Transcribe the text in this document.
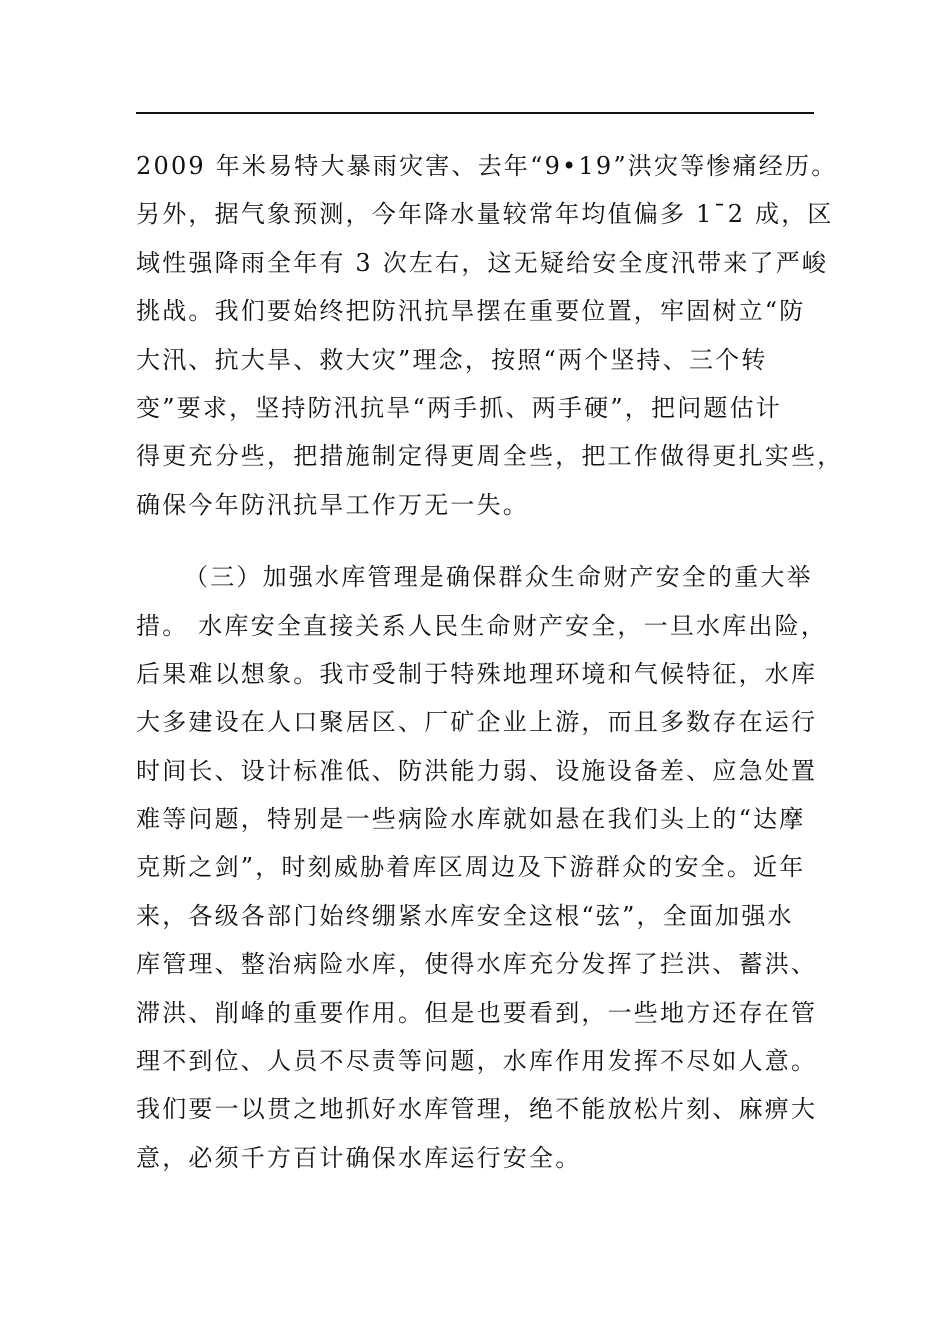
2009 年米易特大暴雨灾害、去年“9•19”洪灾等惨痛经历。
另外，据气象预测，今年降水量较常年均值偏多 1¯2 成，区
域性强降雨全年有 3 次左右，这无疑给安全度汛带来了严峻
挑战。我们要始终把防汛抗旱摆在重要位置，牢固树立“防
大汛、抗大旱、救大灾”理念，按照“两个坚持、三个转
变”要求，坚持防汛抗旱“两手抓、两手硬”，把问题估计
得更充分些，把措施制定得更周全些，把工作做得更扎实些，
确保今年防汛抗旱工作万无一失。
（三）加强水库管理是确保群众生命财产安全的重大举
措。 水库安全直接关系人民生命财产安全，一旦水库出险，
后果难以想象。我市受制于特殊地理环境和气候特征，水库
大多建设在人口聚居区、厂矿企业上游，而且多数存在运行
时间长、设计标准低、防洪能力弱、设施设备差、应急处置
难等问题，特别是一些病险水库就如悬在我们头上的“达摩
克斯之剑”，时刻威胁着库区周边及下游群众的安全。近年
来，各级各部门始终绷紧水库安全这根“弦”，全面加强水
库管理、整治病险水库，使得水库充分发挥了拦洪、蓄洪、
滞洪、削峰的重要作用。但是也要看到，一些地方还存在管
理不到位、人员不尽责等问题，水库作用发挥不尽如人意。
我们要一以贯之地抓好水库管理，绝不能放松片刻、麻痹大
意，必须千方百计确保水库运行安全。
